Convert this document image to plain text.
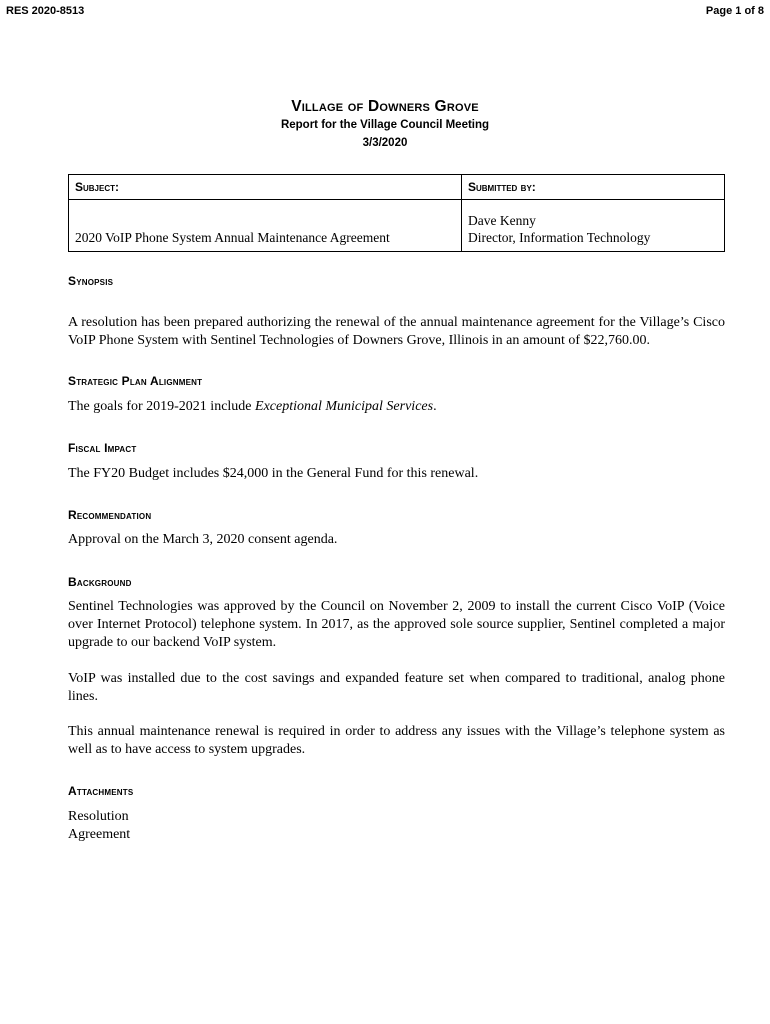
RES 2020-8513	Page 1 of 8
Village of Downers Grove
Report for the Village Council Meeting
3/3/2020
Subject:	Submitted by:
2020 VoIP Phone System Annual Maintenance Agreement	Dave Kenny
Director, Information Technology
Synopsis
A resolution has been prepared authorizing the renewal of the annual maintenance agreement for the Village’s Cisco VoIP Phone System with Sentinel Technologies of Downers Grove, Illinois in an amount of $22,760.00.
Strategic Plan Alignment
The goals for 2019-2021 include Exceptional Municipal Services.
Fiscal Impact
The FY20 Budget includes $24,000 in the General Fund for this renewal.
Recommendation
Approval on the March 3, 2020 consent agenda.
Background
Sentinel Technologies was approved by the Council on November 2, 2009 to install the current Cisco VoIP (Voice over Internet Protocol) telephone system. In 2017, as the approved sole source supplier, Sentinel completed a major upgrade to our backend VoIP system.
VoIP was installed due to the cost savings and expanded feature set when compared to traditional, analog phone lines.
This annual maintenance renewal is required in order to address any issues with the Village’s telephone system as well as to have access to system upgrades.
Attachments
Resolution
Agreement
